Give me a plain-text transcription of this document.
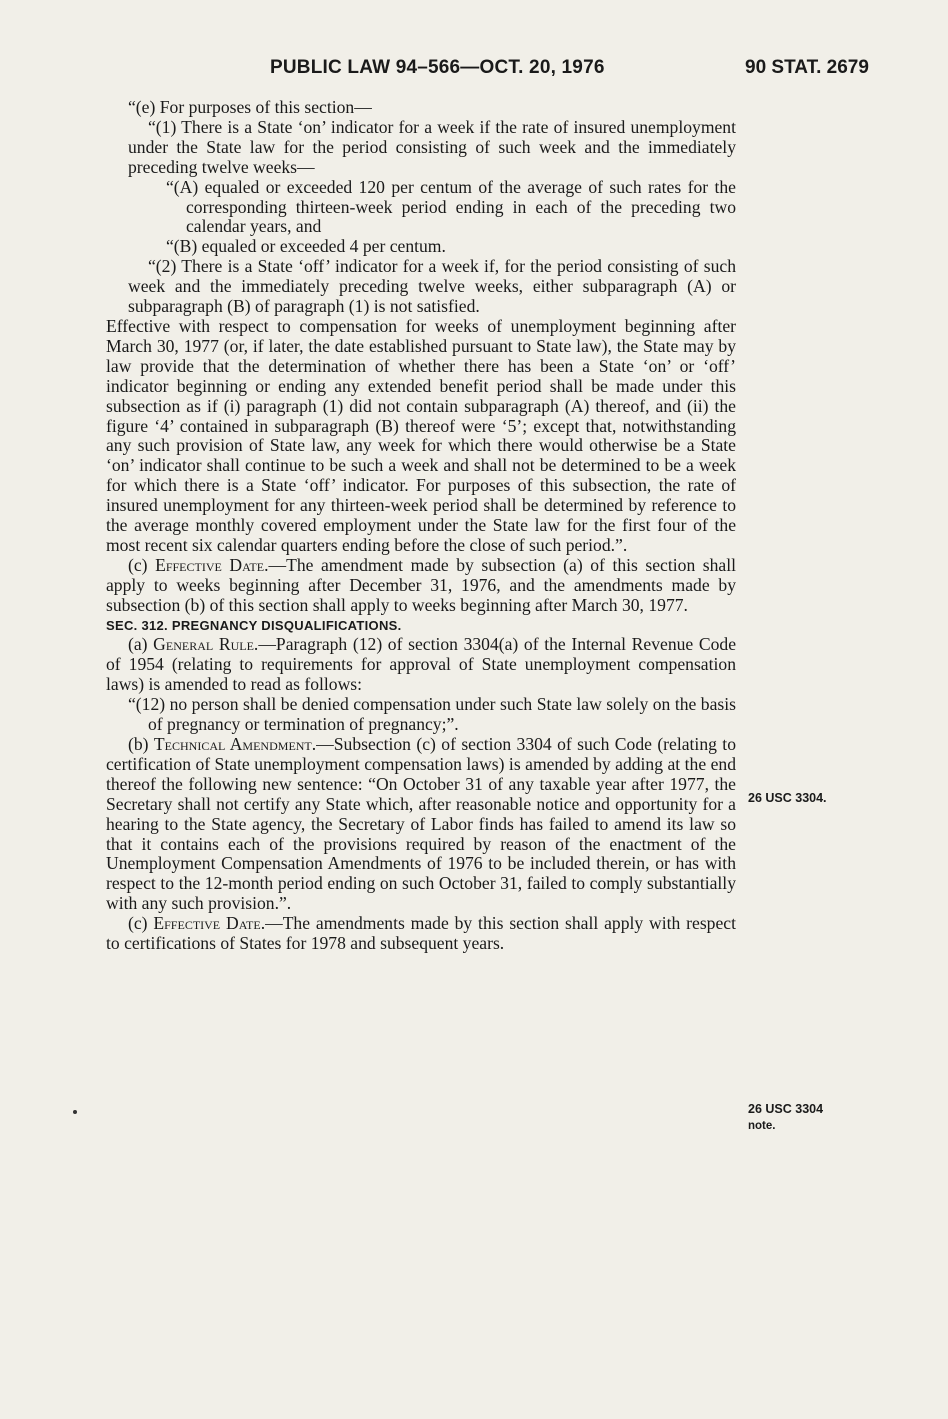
PUBLIC LAW 94–566—OCT. 20, 1976	90 STAT. 2679

“(e) For purposes of this section—

“(1) There is a State ‘on’ indicator for a week if the rate of insured unemployment under the State law for the period consisting of such week and the immediately preceding twelve weeks—

“(A) equaled or exceeded 120 per centum of the average of such rates for the corresponding thirteen-week period ending in each of the preceding two calendar years, and

“(B) equaled or exceeded 4 per centum.

“(2) There is a State ‘off’ indicator for a week if, for the period consisting of such week and the immediately preceding twelve weeks, either subparagraph (A) or subparagraph (B) of paragraph (1) is not satisfied.

Effective with respect to compensation for weeks of unemployment beginning after March 30, 1977 (or, if later, the date established pursuant to State law), the State may by law provide that the determination of whether there has been a State ‘on’ or ‘off’ indicator beginning or ending any extended benefit period shall be made under this subsection as if (i) paragraph (1) did not contain subparagraph (A) thereof, and (ii) the figure ‘4’ contained in subparagraph (B) thereof were ‘5’; except that, notwithstanding any such provision of State law, any week for which there would otherwise be a State ‘on’ indicator shall continue to be such a week and shall not be determined to be a week for which there is a State ‘off’ indicator. For purposes of this subsection, the rate of insured unemployment for any thirteen-week period shall be determined by reference to the average monthly covered employment under the State law for the first four of the most recent six calendar quarters ending before the close of such period.”.

(c) Effective Date.—The amendment made by subsection (a) of this section shall apply to weeks beginning after December 31, 1976, and the amendments made by subsection (b) of this section shall apply to weeks beginning after March 30, 1977.

SEC. 312. PREGNANCY DISQUALIFICATIONS.

(a) General Rule.—Paragraph (12) of section 3304(a) of the Internal Revenue Code of 1954 (relating to requirements for approval of State unemployment compensation laws) is amended to read as follows:

“(12) no person shall be denied compensation under such State law solely on the basis of pregnancy or termination of pregnancy;”.

(b) Technical Amendment.—Subsection (c) of section 3304 of such Code (relating to certification of State unemployment compensation laws) is amended by adding at the end thereof the following new sentence: “On October 31 of any taxable year after 1977, the Secretary shall not certify any State which, after reasonable notice and opportunity for a hearing to the State agency, the Secretary of Labor finds has failed to amend its law so that it contains each of the provisions required by reason of the enactment of the Unemployment Compensation Amendments of 1976 to be included therein, or has with respect to the 12-month period ending on such October 31, failed to comply substantially with any such provision.”.

(c) Effective Date.—The amendments made by this section shall apply with respect to certifications of States for 1978 and subsequent years.

26 USC 3304.
26 USC 3304
note.
